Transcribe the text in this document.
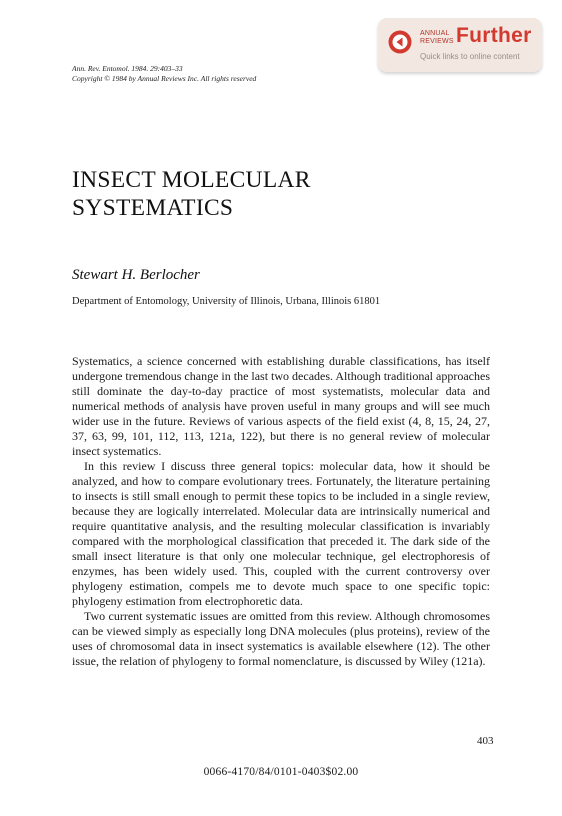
ANNUAL
REVIEWS Further
Quick links to online content
Ann. Rev. Entomol. 1984. 29:403–33
Copyright © 1984 by Annual Reviews Inc. All rights reserved
INSECT MOLECULAR
SYSTEMATICS
Stewart H. Berlocher
Department of Entomology, University of Illinois, Urbana, Illinois 61801

Systematics, a science concerned with establishing durable classifications, has itself undergone tremendous change in the last two decades. Although traditional approaches still dominate the day-to-day practice of most systematists, molecular data and numerical methods of analysis have proven useful in many groups and will see much wider use in the future. Reviews of various aspects of the field exist (4, 8, 15, 24, 27, 37, 63, 99, 101, 112, 113, 121a, 122), but there is no general review of molecular insect systematics.

In this review I discuss three general topics: molecular data, how it should be analyzed, and how to compare evolutionary trees. Fortunately, the literature pertaining to insects is still small enough to permit these topics to be included in a single review, because they are logically interrelated. Molecular data are intrinsically numerical and require quantitative analysis, and the resulting molecular classification is invariably compared with the morphological classification that preceded it. The dark side of the small insect literature is that only one molecular technique, gel electrophoresis of enzymes, has been widely used. This, coupled with the current controversy over phylogeny estimation, compels me to devote much space to one specific topic: phylogeny estimation from electrophoretic data.

Two current systematic issues are omitted from this review. Although chromosomes can be viewed simply as especially long DNA molecules (plus proteins), review of the uses of chromosomal data in insect systematics is available elsewhere (12). The other issue, the relation of phylogeny to formal nomenclature, is discussed by Wiley (121a).

403
0066-4170/84/0101-0403$02.00
